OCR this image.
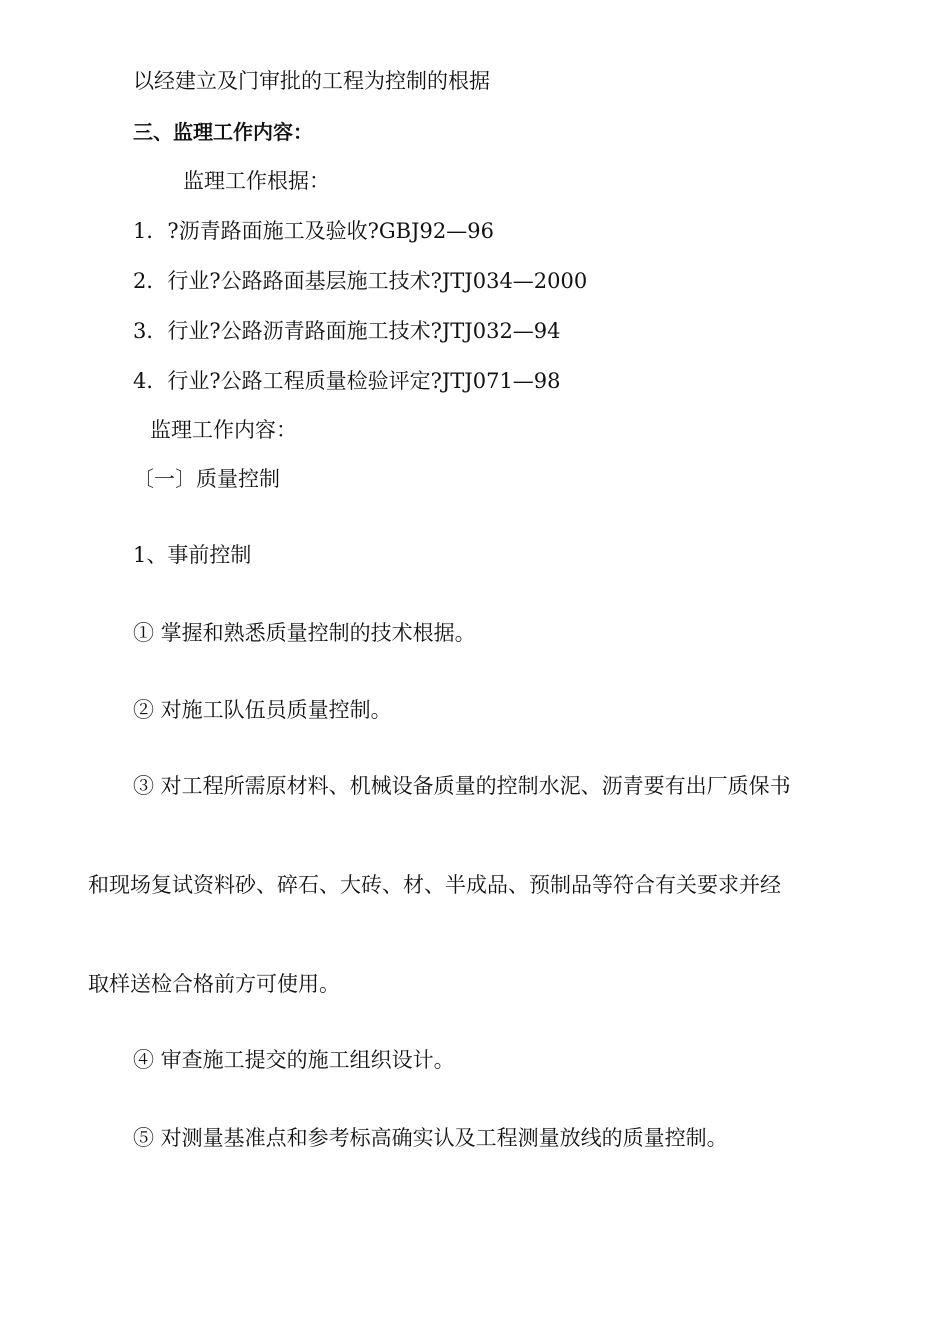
以经建立及门审批的工程为控制的根据
三、监理工作内容：
监理工作根据：
1．?沥青路面施工及验收?GBJ92—96
2．行业?公路路面基层施工技术?JTJ034—2000
3．行业?公路沥青路面施工技术?JTJ032—94
4．行业?公路工程质量检验评定?JTJ071—98
监理工作内容：
〔一〕质量控制
1、事前控制
① 掌握和熟悉质量控制的技术根据。
② 对施工队伍员质量控制。
③ 对工程所需原材料、机械设备质量的控制水泥、沥青要有出厂质保书
和现场复试资料砂、碎石、大砖、材、半成品、预制品等符合有关要求并经
取样送检合格前方可使用。
④ 审查施工提交的施工组织设计。
⑤ 对测量基准点和参考标高确实认及工程测量放线的质量控制。
